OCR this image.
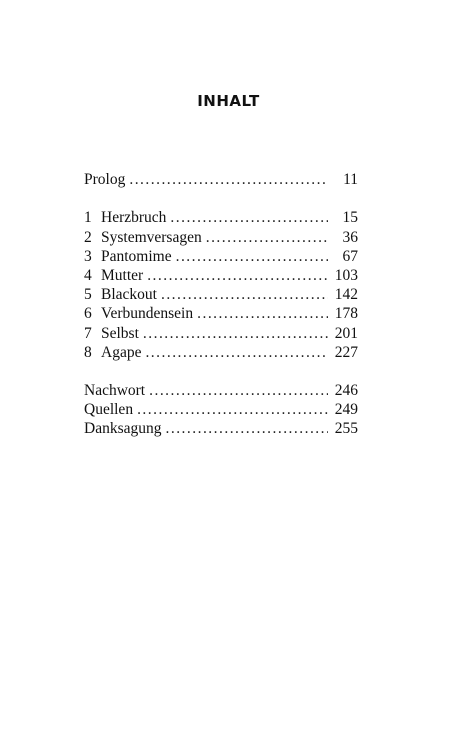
INHALT
Prolog . . .	11
1 Herzbruch . . .	15
2 Systemversagen . . .	36
3 Pantomime . . .	67
4 Mutter . . .	103
5 Blackout . . .	142
6 Verbundensein . . .	178
7 Selbst . . .	201
8 Agape . . .	227
Nachwort . . .	246
Quellen . . .	249
Danksagung . . .	255
